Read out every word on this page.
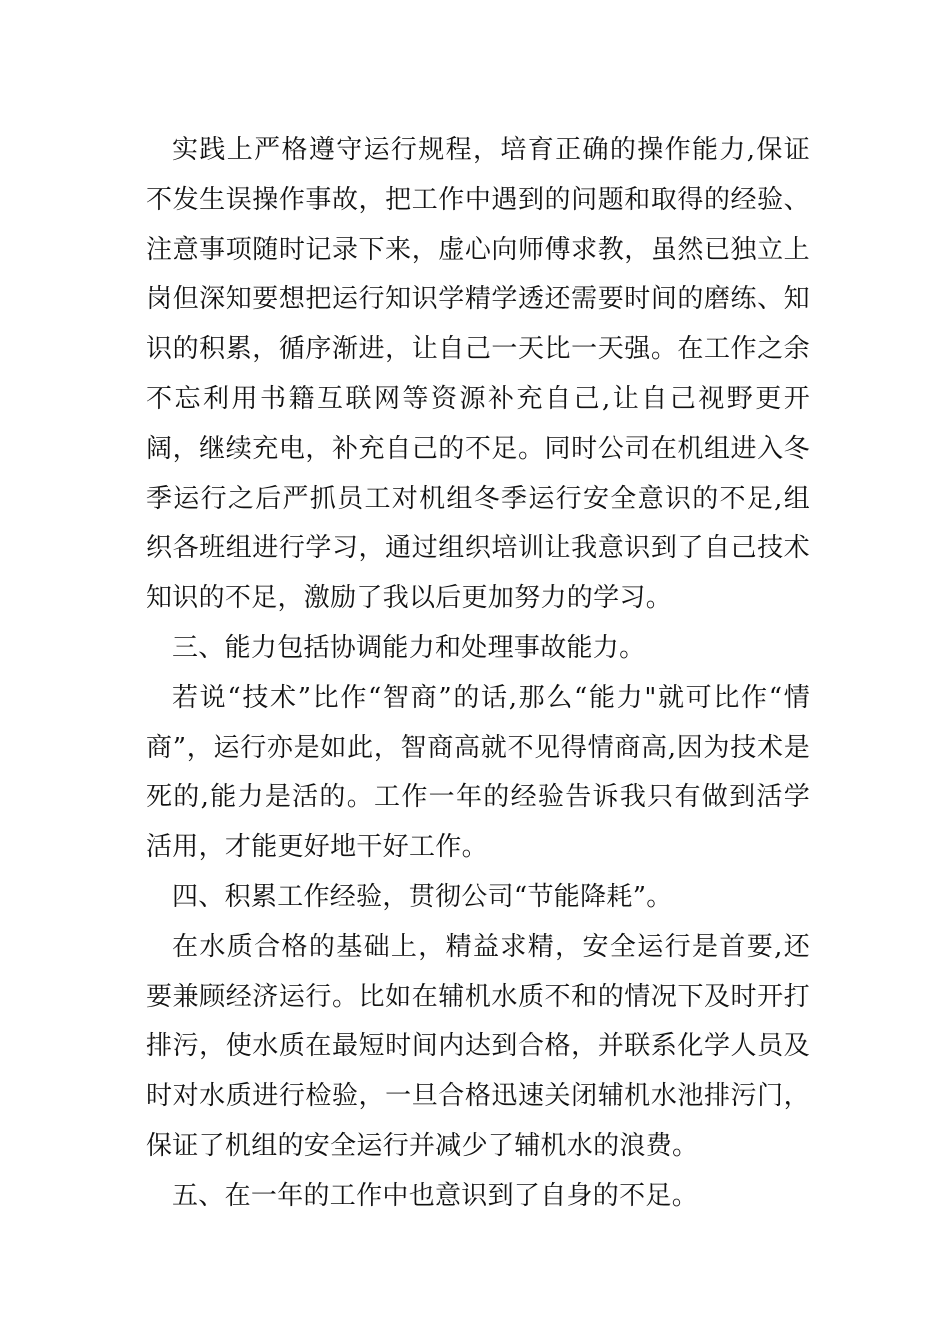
实践上严格遵守运行规程，培育正确的操作能力,保证不发生误操作事故，把工作中遇到的问题和取得的经验、注意事项随时记录下来，虚心向师傅求教，虽然已独立上岗但深知要想把运行知识学精学透还需要时间的磨练、知识的积累，循序渐进，让自己一天比一天强。在工作之余不忘利用书籍互联网等资源补充自己,让自己视野更开阔，继续充电，补充自己的不足。同时公司在机组进入冬季运行之后严抓员工对机组冬季运行安全意识的不足,组织各班组进行学习，通过组织培训让我意识到了自己技术知识的不足，激励了我以后更加努力的学习。

三、能力包括协调能力和处理事故能力。

若说“技术”比作“智商”的话,那么“能力"就可比作“情商”，运行亦是如此，智商高就不见得情商高,因为技术是死的,能力是活的。工作一年的经验告诉我只有做到活学活用，才能更好地干好工作。

四、积累工作经验，贯彻公司“节能降耗”。

在水质合格的基础上，精益求精，安全运行是首要,还要兼顾经济运行。比如在辅机水质不和的情况下及时开打排污，使水质在最短时间内达到合格，并联系化学人员及时对水质进行检验，一旦合格迅速关闭辅机水池排污门，保证了机组的安全运行并减少了辅机水的浪费。

五、在一年的工作中也意识到了自身的不足。
